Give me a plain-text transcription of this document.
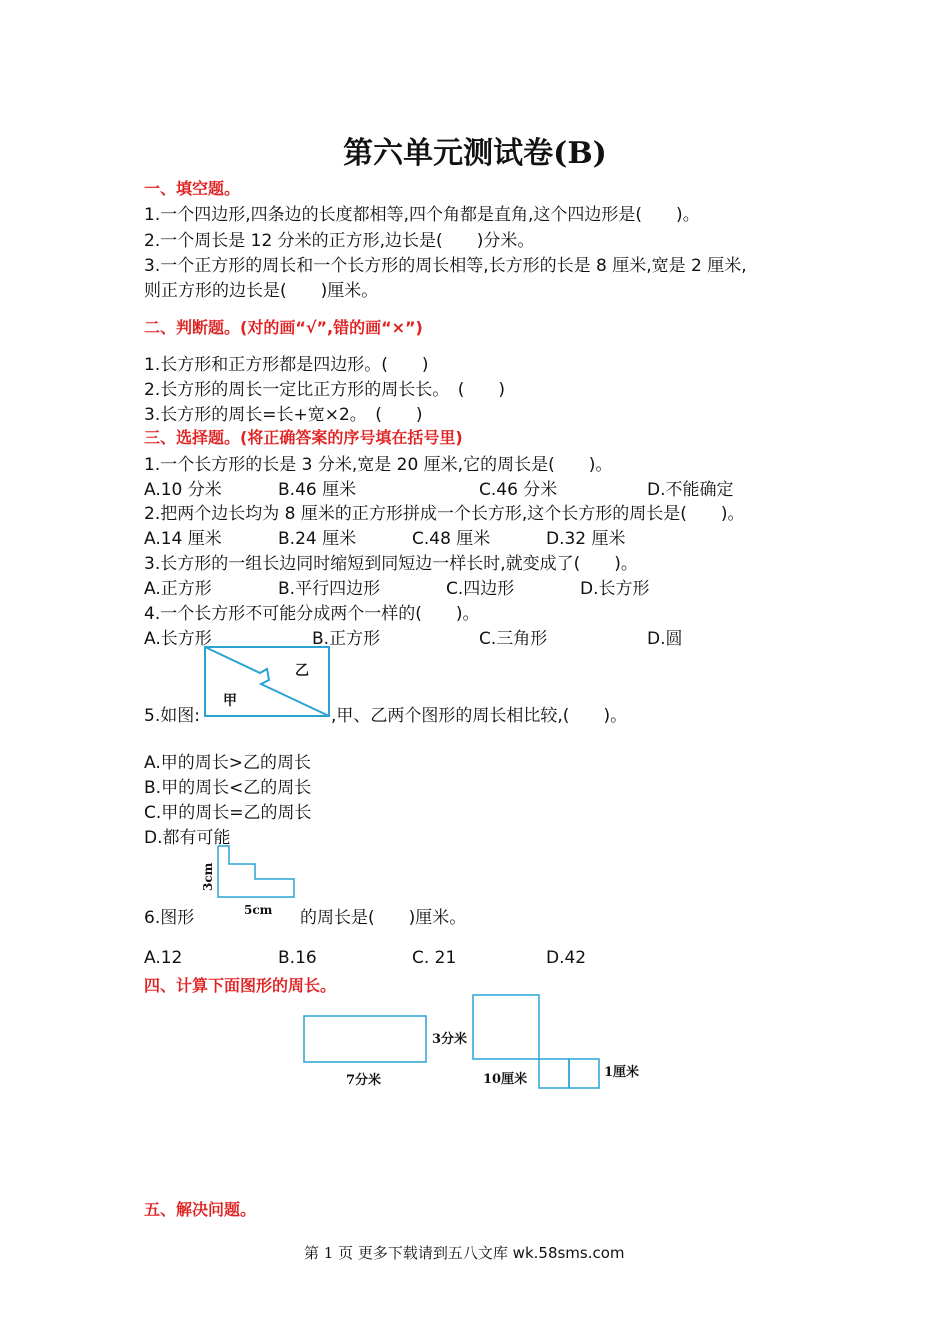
第六单元测试卷(B)
一、填空题。
1.一个四边形,四条边的长度都相等,四个角都是直角,这个四边形是(　　)。
2.一个周长是 12 分米的正方形,边长是(　　)分米。
3.一个正方形的周长和一个长方形的周长相等,长方形的长是 8 厘米,宽是 2 厘米,
则正方形的边长是(　　)厘米。
二、判断题。(对的画“√”,错的画“×”)
1.长方形和正方形都是四边形。(　　)
2.长方形的周长一定比正方形的周长长。　(　　)
3.长方形的周长=长+宽×2。　(　　)
三、选择题。(将正确答案的序号填在括号里)
1.一个长方形的长是 3 分米,宽是 20 厘米,它的周长是(　　)。
A.10 分米	B.46 厘米	C.46 分米	D.不能确定
2.把两个边长均为 8 厘米的正方形拼成一个长方形,这个长方形的周长是(　　)。
A.14 厘米	B.24 厘米	C.48 厘米	D.32 厘米
3.长方形的一组长边同时缩短到同短边一样长时,就变成了(　　)。
A.正方形	B.平行四边形	C.四边形	D.长方形
4.一个长方形不可能分成两个一样的(　　)。
A.长方形	B.正方形	C.三角形	D.圆
5.如图:
乙
甲
,甲、乙两个图形的周长相比较,(　　)。
A.甲的周长>乙的周长
B.甲的周长<乙的周长
C.甲的周长=乙的周长
D.都有可能
6.图形
3cm
5cm 的周长是(　　)厘米。
A.12	B.16	C. 21	D.42
四、计算下面图形的周长。
7分米
3分米
10厘米	1厘米
五、解决问题。
第 1 页 更多下载请到五八文库 wk.58sms.com
